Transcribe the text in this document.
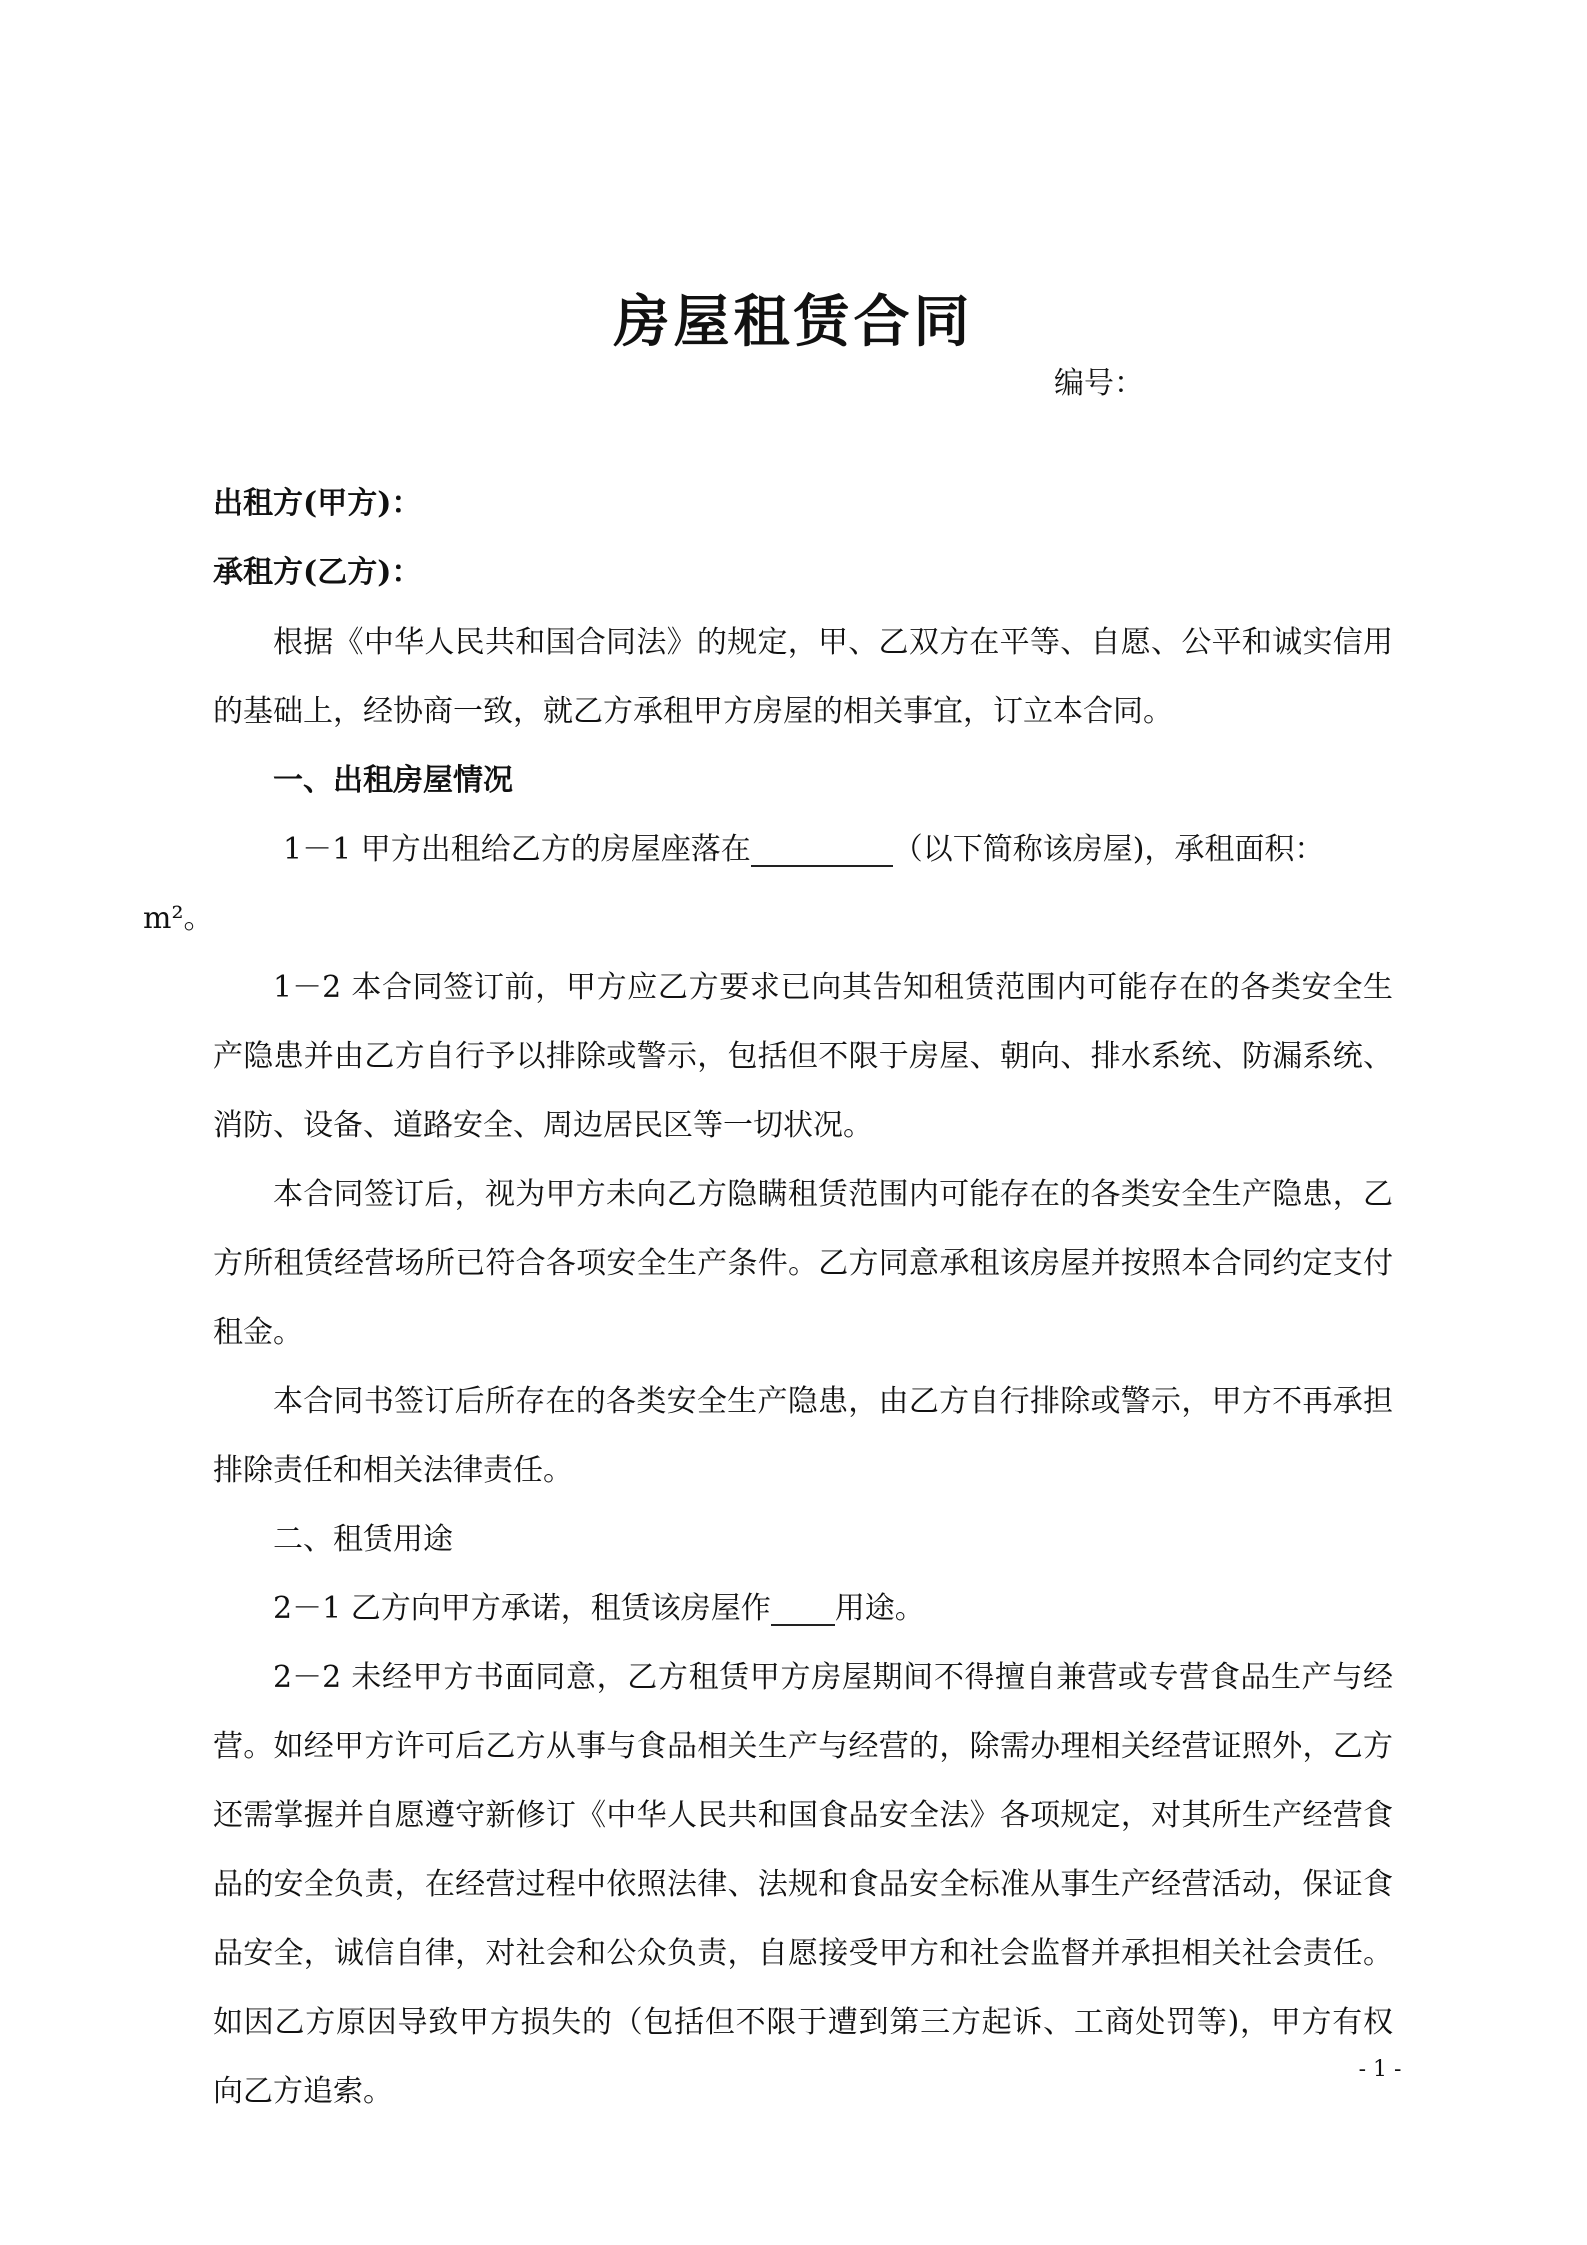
房屋租赁合同
编号：
出租方(甲方)：
承租方(乙方)：

根据《中华人民共和国合同法》的规定，甲、乙双方在平等、自愿、公平和诚实信用的基础上，经协商一致，就乙方承租甲方房屋的相关事宜，订立本合同。

一、出租房屋情况

1－1 甲方出租给乙方的房屋座落在	（以下简称该房屋)，承租面积：
m²。

1－2 本合同签订前，甲方应乙方要求已向其告知租赁范围内可能存在的各类安全生产隐患并由乙方自行予以排除或警示，包括但不限于房屋、朝向、排水系统、防漏系统、消防、设备、道路安全、周边居民区等一切状况。

本合同签订后，视为甲方未向乙方隐瞒租赁范围内可能存在的各类安全生产隐患，乙方所租赁经营场所已符合各项安全生产条件。乙方同意承租该房屋并按照本合同约定支付租金。

本合同书签订后所存在的各类安全生产隐患，由乙方自行排除或警示，甲方不再承担排除责任和相关法律责任。

二、租赁用途

2－1 乙方向甲方承诺，租赁该房屋作 用途。

2－2 未经甲方书面同意，乙方租赁甲方房屋期间不得擅自兼营或专营食品生产与经营。如经甲方许可后乙方从事与食品相关生产与经营的，除需办理相关经营证照外，乙方还需掌握并自愿遵守新修订《中华人民共和国食品安全法》各项规定，对其所生产经营食品的安全负责，在经营过程中依照法律、法规和食品安全标准从事生产经营活动，保证食品安全，诚信自律，对社会和公众负责，自愿接受甲方和社会监督并承担相关社会责任。如因乙方原因导致甲方损失的（包括但不限于遭到第三方起诉、工商处罚等)，甲方有权向乙方追索。

- 1 -
